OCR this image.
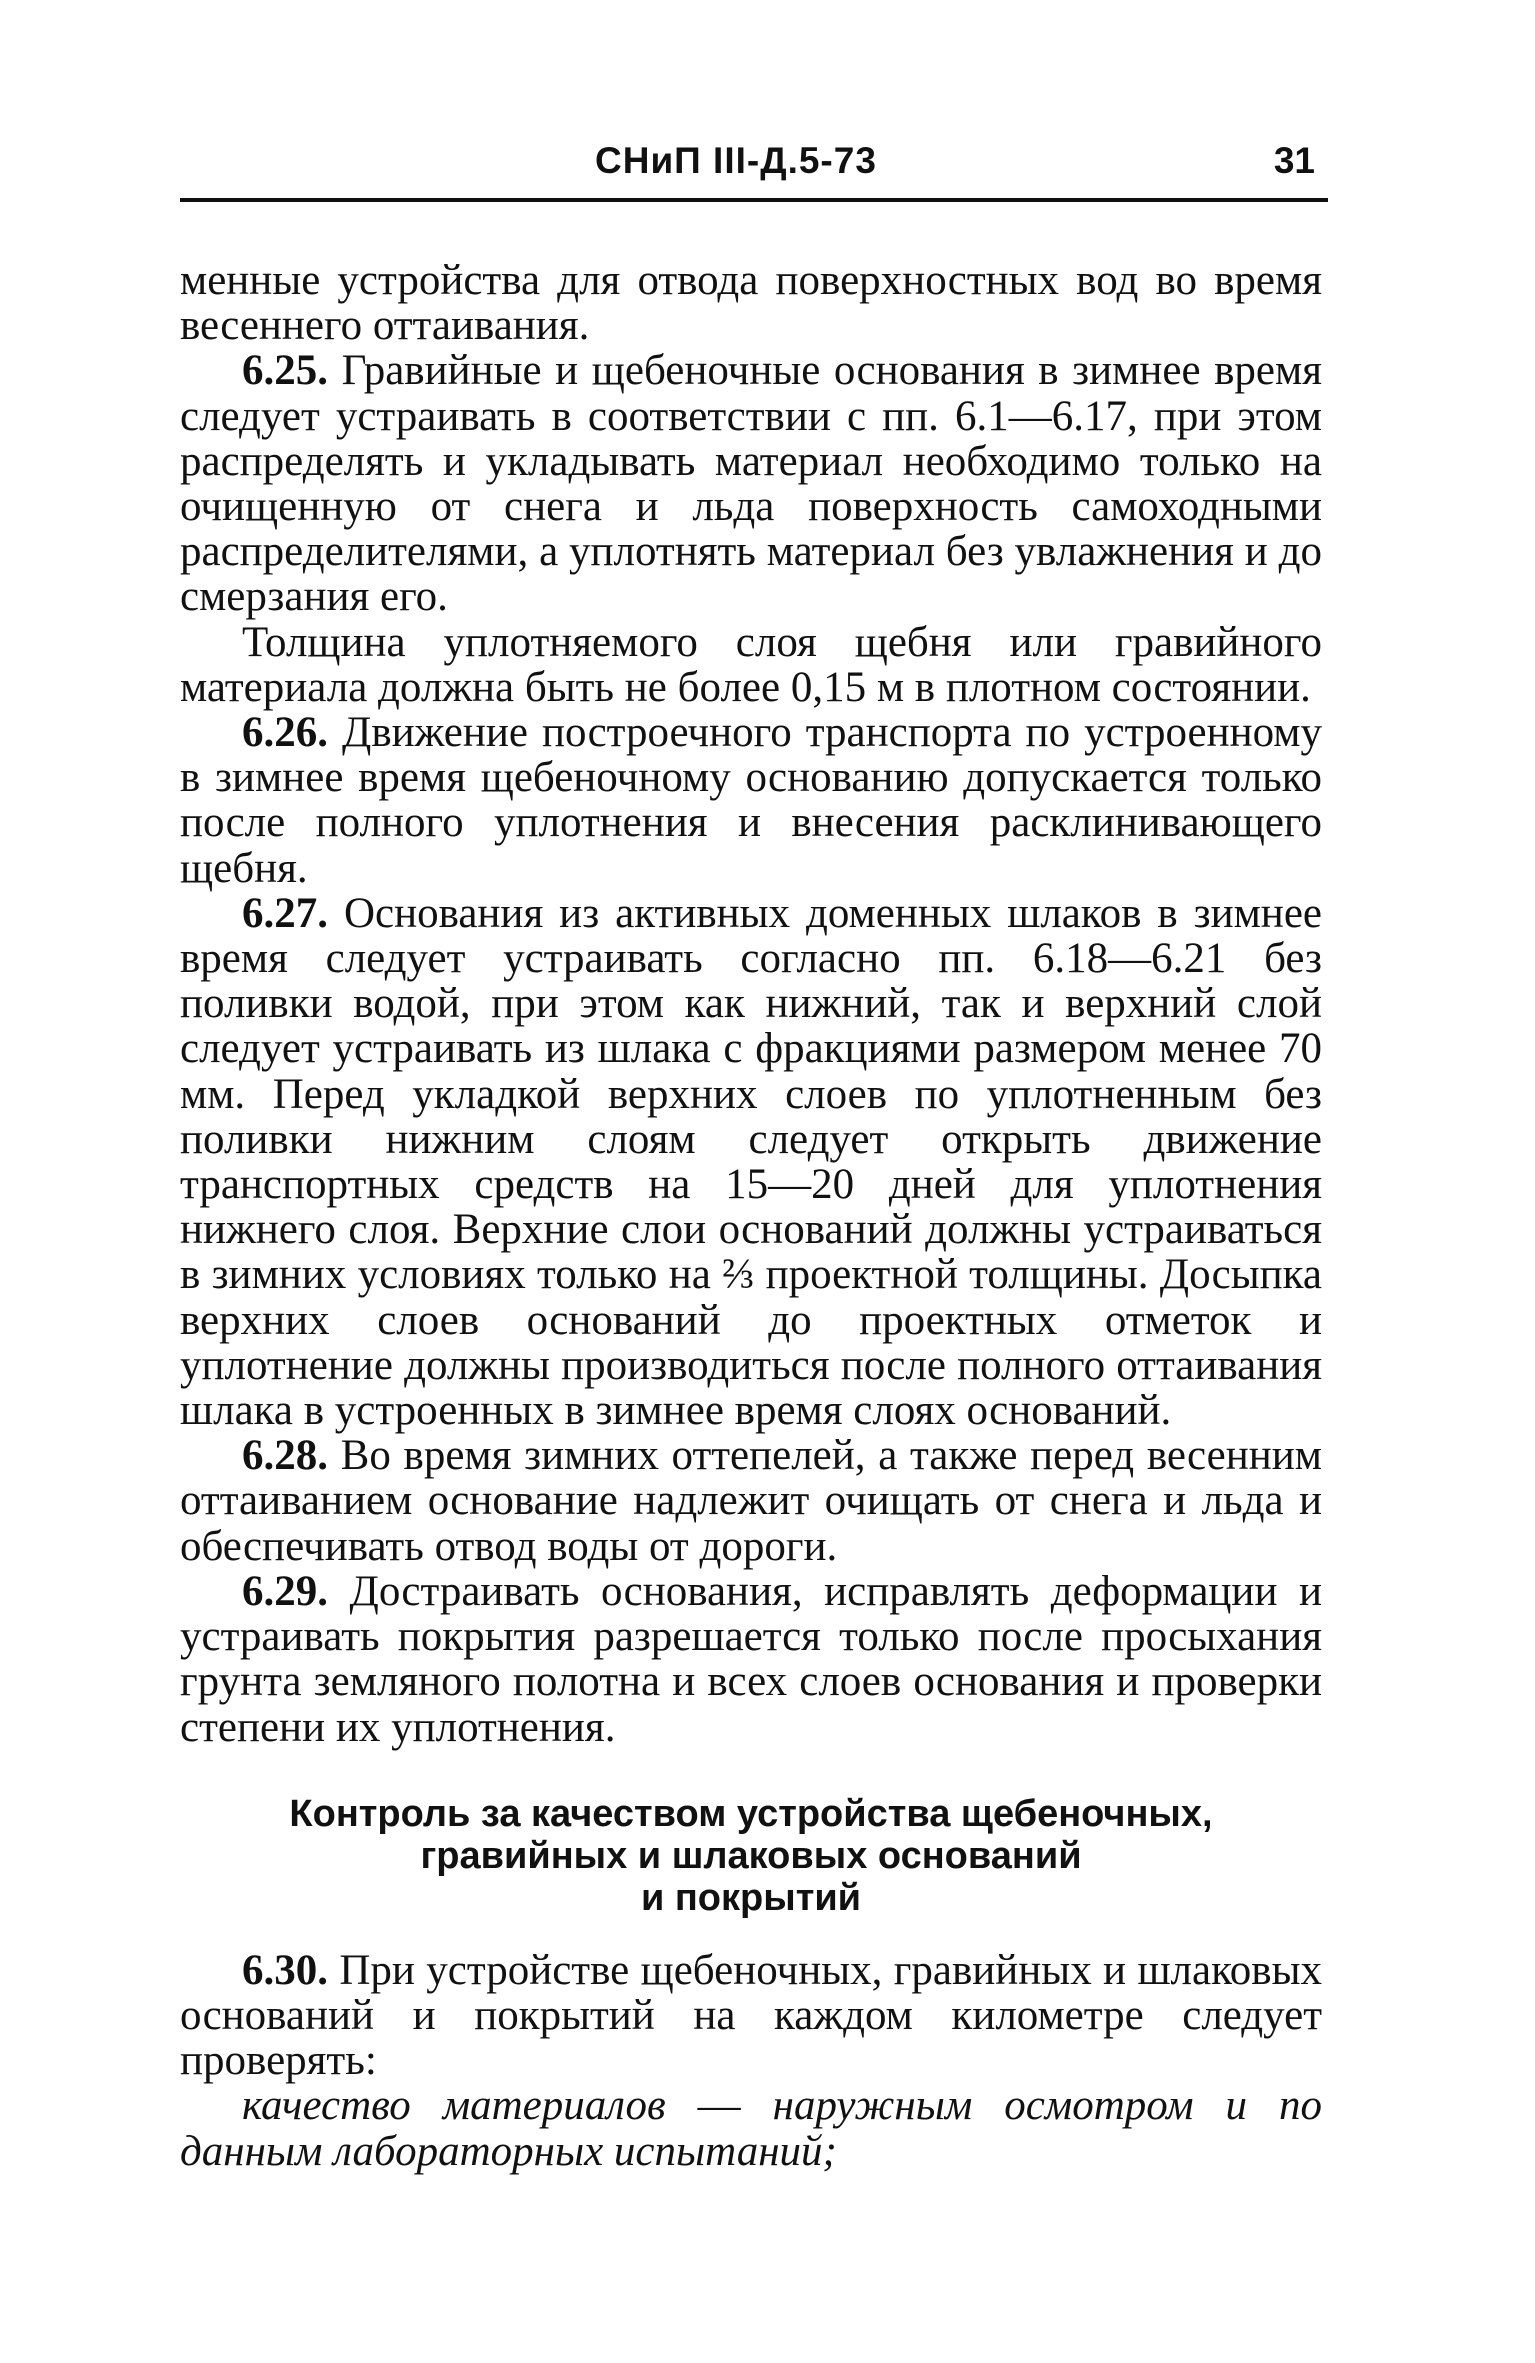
СНиП III-Д.5-73	31

менные устройства для отвода поверхностных вод во время весеннего оттаивания.

6.25. Гравийные и щебеночные основания в зимнее время следует устраивать в соответствии с пп. 6.1—6.17, при этом распределять и укладывать материал необходимо только на очищенную от снега и льда поверхность самоходными распределителями, а уплотнять материал без увлажнения и до смерзания его.

Толщина уплотняемого слоя щебня или гравийного материала должна быть не более 0,15 м в плотном состоянии.

6.26. Движение построечного транспорта по устроенному в зимнее время щебеночному основанию допускается только после полного уплотнения и внесения расклинивающего щебня.

6.27. Основания из активных доменных шлаков в зимнее время следует устраивать согласно пп. 6.18—6.21 без поливки водой, при этом как нижний, так и верхний слой следует устраивать из шлака с фракциями размером менее 70 мм. Перед укладкой верхних слоев по уплотненным без поливки нижним слоям следует открыть движение транспортных средств на 15—20 дней для уплотнения нижнего слоя. Верхние слои оснований должны устраиваться в зимних условиях только на ⅔ проектной толщины. Досыпка верхних слоев оснований до проектных отметок и уплотнение должны производиться после полного оттаивания шлака в устроенных в зимнее время слоях оснований.

6.28. Во время зимних оттепелей, а также перед весенним оттаиванием основание надлежит очищать от снега и льда и обеспечивать отвод воды от дороги.

6.29. Достраивать основания, исправлять деформации и устраивать покрытия разрешается только после просыхания грунта земляного полотна и всех слоев основания и проверки степени их уплотнения.

Контроль за качеством устройства щебеночных,
гравийных и шлаковых оснований
и покрытий

6.30. При устройстве щебеночных, гравийных и шлаковых оснований и покрытий на каждом километре следует проверять:

качество материалов — наружным осмотром и по данным лабораторных испытаний;
